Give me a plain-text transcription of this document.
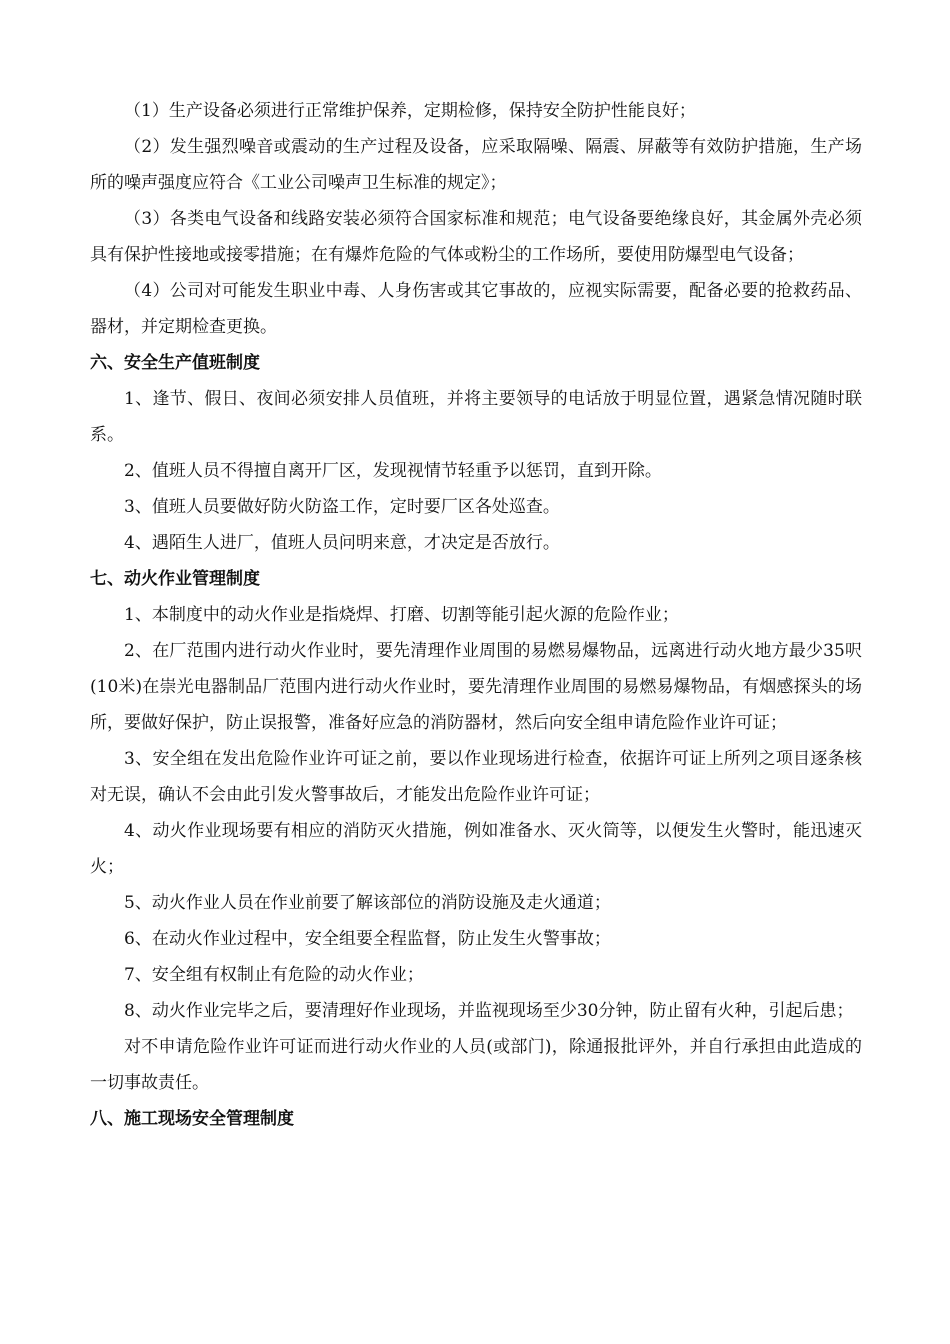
（1）生产设备必须进行正常维护保养，定期检修，保持安全防护性能良好；

（2）发生强烈噪音或震动的生产过程及设备，应采取隔噪、隔震、屏蔽等有效防护措施，生产场所的噪声强度应符合《工业公司噪声卫生标准的规定》；

（3）各类电气设备和线路安装必须符合国家标准和规范；电气设备要绝缘良好，其金属外壳必须具有保护性接地或接零措施；在有爆炸危险的气体或粉尘的工作场所，要使用防爆型电气设备；

（4）公司对可能发生职业中毒、人身伤害或其它事故的，应视实际需要，配备必要的抢救药品、器材，并定期检查更换。

六、安全生产值班制度

1、逢节、假日、夜间必须安排人员值班，并将主要领导的电话放于明显位置，遇紧急情况随时联系。

2、值班人员不得擅自离开厂区，发现视情节轻重予以惩罚，直到开除。

3、值班人员要做好防火防盗工作，定时要厂区各处巡查。

4、遇陌生人进厂，值班人员问明来意，才决定是否放行。

七、动火作业管理制度

1、本制度中的动火作业是指烧焊、打磨、切割等能引起火源的危险作业；

2、在厂范围内进行动火作业时，要先清理作业周围的易燃易爆物品，远离进行动火地方最少35呎(10米)在崇光电器制品厂范围内进行动火作业时，要先清理作业周围的易燃易爆物品，有烟感探头的场所，要做好保护，防止误报警，准备好应急的消防器材，然后向安全组申请危险作业许可证；

3、安全组在发出危险作业许可证之前，要以作业现场进行检查，依据许可证上所列之项目逐条核对无误，确认不会由此引发火警事故后，才能发出危险作业许可证；

4、动火作业现场要有相应的消防灭火措施，例如准备水、灭火筒等，以便发生火警时，能迅速灭火；

5、动火作业人员在作业前要了解该部位的消防设施及走火通道；

6、在动火作业过程中，安全组要全程监督，防止发生火警事故；

7、安全组有权制止有危险的动火作业；

8、动火作业完毕之后，要清理好作业现场，并监视现场至少30分钟，防止留有火种，引起后患；

对不申请危险作业许可证而进行动火作业的人员(或部门)，除通报批评外，并自行承担由此造成的一切事故责任。

八、施工现场安全管理制度
